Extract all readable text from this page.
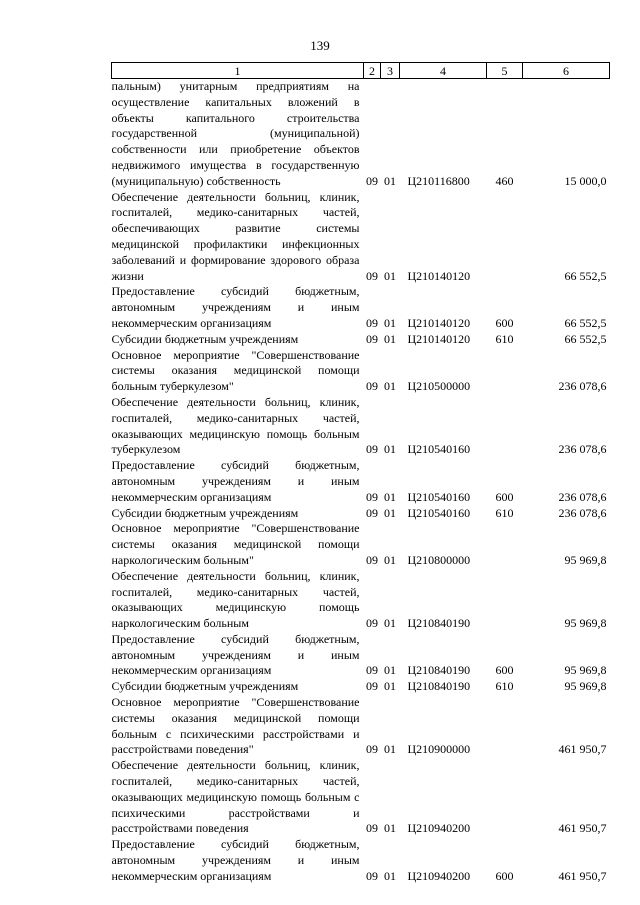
139
1	2	3	4	5	6
пальным) унитарным предприятиям на осуществление капитальных вложений в объекты капитального строительства государственной (муниципальной) собственности или приобретение объектов недвижимого имущества в государственную (муниципальную) собственность	09	01	Ц210116800	460	15 000,0
Обеспечение деятельности больниц, клиник, госпиталей, медико-санитарных частей, обеспечивающих развитие системы медицинской профилактики инфекционных заболеваний и формирование здорового образа жизни	09	01	Ц210140120		66 552,5
Предоставление субсидий бюджетным, автономным учреждениям и иным некоммерческим организациям	09	01	Ц210140120	600	66 552,5
Субсидии бюджетным учреждениям	09	01	Ц210140120	610	66 552,5
Основное мероприятие "Совершенствование системы оказания медицинской помощи больным туберкулезом"	09	01	Ц210500000		236 078,6
Обеспечение деятельности больниц, клиник, госпиталей, медико-санитарных частей, оказывающих медицинскую помощь больным туберкулезом	09	01	Ц210540160		236 078,6
Предоставление субсидий бюджетным, автономным учреждениям и иным некоммерческим организациям	09	01	Ц210540160	600	236 078,6
Субсидии бюджетным учреждениям	09	01	Ц210540160	610	236 078,6
Основное мероприятие "Совершенствование системы оказания медицинской помощи наркологическим больным"	09	01	Ц210800000		95 969,8
Обеспечение деятельности больниц, клиник, госпиталей, медико-санитарных частей, оказывающих медицинскую помощь наркологическим больным	09	01	Ц210840190		95 969,8
Предоставление субсидий бюджетным, автономным учреждениям и иным некоммерческим организациям	09	01	Ц210840190	600	95 969,8
Субсидии бюджетным учреждениям	09	01	Ц210840190	610	95 969,8
Основное мероприятие "Совершенствование системы оказания медицинской помощи больным с психическими расстройствами и расстройствами поведения"	09	01	Ц210900000		461 950,7
Обеспечение деятельности больниц, клиник, госпиталей, медико-санитарных частей, оказывающих медицинскую помощь больным с психическими расстройствами и расстройствами поведения	09	01	Ц210940200		461 950,7
Предоставление субсидий бюджетным, автономным учреждениям и иным некоммерческим организациям	09	01	Ц210940200	600	461 950,7
